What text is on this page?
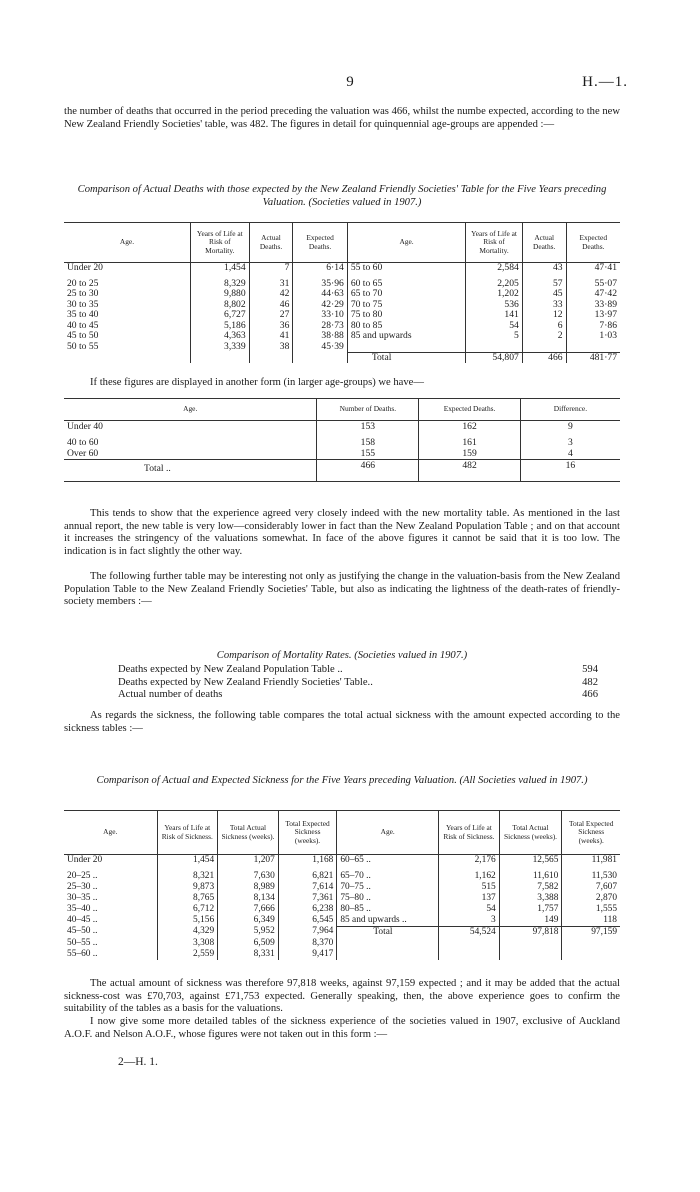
9	H.—1.
the number of deaths that occurred in the period preceding the valuation was 466, whilst the numbe expected, according to the new New Zealand Friendly Societies' table, was 482. The figures in detail for quinquennial age-groups are appended :—
Comparison of Actual Deaths with those expected by the New Zealand Friendly Societies' Table for the Five Years preceding Valuation. (Societies valued in 1907.)
Age.	Years of Life at Risk of Mortality.	Actual Deaths.	Expected Deaths.	Age.	Years of Life at Risk of Mortality.	Actual Deaths.	Expected Deaths.
Under 20	1,454	7	6·14	55 to 60	2,584	43	47·41
20 to 25	8,329	31	35·96	60 to 65	2,205	57	55·07
25 to 30	9,880	42	44·63	65 to 70	1,202	45	47·42
30 to 35	8,802	46	42·29	70 to 75	536	33	33·89
35 to 40	6,727	27	33·10	75 to 80	141	12	13·97
40 to 45	5,186	36	28·73	80 to 85	54	6	7·86
45 to 50	4,363	41	38·88	85 and upwards	5	2	1·03
50 to 55	3,339	38	45·39				
				Total	54,807	466	481·77
If these figures are displayed in another form (in larger age-groups) we have—
Age.	Number of Deaths.	Expected Deaths.	Difference.
Under 40	153	162	9
40 to 60	158	161	3
Over 60	155	159	4
Total ..	466	482	16

This tends to show that the experience agreed very closely indeed with the new mortality table. As mentioned in the last annual report, the new table is very low—considerably lower in fact than the New Zealand Population Table ; and on that account it increases the stringency of the valuations somewhat. In face of the above figures it cannot be said that it is too low. The indication is in fact slightly the other way.
The following further table may be interesting not only as justifying the change in the valuation-basis from the New Zealand Population Table to the New Zealand Friendly Societies' Table, but also as indicating the lightness of the death-rates of friendly-society members :—
Comparison of Mortality Rates. (Societies valued in 1907.)
Deaths expected by New Zealand Population Table ..	594
Deaths expected by New Zealand Friendly Societies' Table..	482
Actual number of deaths	466
As regards the sickness, the following table compares the total actual sickness with the amount expected according to the sickness tables :—
Comparison of Actual and Expected Sickness for the Five Years preceding Valuation. (All Societies valued in 1907.)
Age.	Years of Life at Risk of Sickness.	Total Actual Sickness (weeks).	Total Expected Sickness (weeks).	Age.	Years of Life at Risk of Sickness.	Total Actual Sickness (weeks).	Total Expected Sickness (weeks).
Under 20	1,454	1,207	1,168	60–65 ..	2,176	12,565	11,981
20–25 ..	8,321	7,630	6,821	65–70 ..	1,162	11,610	11,530
25–30 ..	9,873	8,989	7,614	70–75 ..	515	7,582	7,607
30–35 ..	8,765	8,134	7,361	75–80 ..	137	3,388	2,870
35–40 ..	6,712	7,666	6,238	80–85 ..	54	1,757	1,555
40–45 ..	5,156	6,349	6,545	85 and upwards ..	3	149	118
45–50 ..	4,329	5,952	7,964	Total	54,524	97,818	97,159
50–55 ..	3,308	6,509	8,370				
55–60 ..	2,559	8,331	9,417				
The actual amount of sickness was therefore 97,818 weeks, against 97,159 expected ; and it may be added that the actual sickness-cost was £70,703, against £71,753 expected. Generally speaking, then, the above experience goes to confirm the suitability of the tables as a basis for the valuations.
I now give some more detailed tables of the sickness experience of the societies valued in 1907, exclusive of Auckland A.O.F. and Nelson A.O.F., whose figures were not taken out in this form :—
2—H. 1.
